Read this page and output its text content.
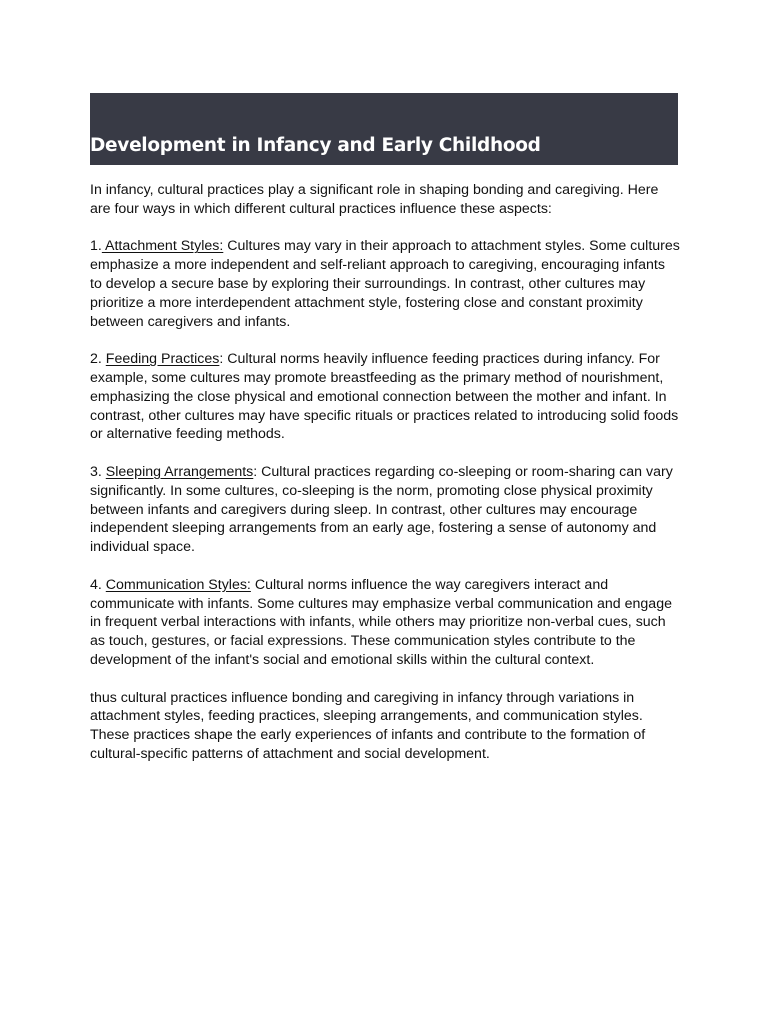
Development in Infancy and Early Childhood

In infancy, cultural practices play a significant role in shaping bonding and caregiving. Here are four ways in which different cultural practices influence these aspects:

1. Attachment Styles: Cultures may vary in their approach to attachment styles. Some cultures emphasize a more independent and self-reliant approach to caregiving, encouraging infants to develop a secure base by exploring their surroundings. In contrast, other cultures may prioritize a more interdependent attachment style, fostering close and constant proximity between caregivers and infants.

2. Feeding Practices: Cultural norms heavily influence feeding practices during infancy. For example, some cultures may promote breastfeeding as the primary method of nourishment, emphasizing the close physical and emotional connection between the mother and infant. In contrast, other cultures may have specific rituals or practices related to introducing solid foods or alternative feeding methods.

3. Sleeping Arrangements: Cultural practices regarding co-sleeping or room-sharing can vary significantly. In some cultures, co-sleeping is the norm, promoting close physical proximity between infants and caregivers during sleep. In contrast, other cultures may encourage independent sleeping arrangements from an early age, fostering a sense of autonomy and individual space.

4. Communication Styles: Cultural norms influence the way caregivers interact and communicate with infants. Some cultures may emphasize verbal communication and engage in frequent verbal interactions with infants, while others may prioritize non-verbal cues, such as touch, gestures, or facial expressions. These communication styles contribute to the development of the infant's social and emotional skills within the cultural context.

thus cultural practices influence bonding and caregiving in infancy through variations in attachment styles, feeding practices, sleeping arrangements, and communication styles. These practices shape the early experiences of infants and contribute to the formation of cultural-specific patterns of attachment and social development.
